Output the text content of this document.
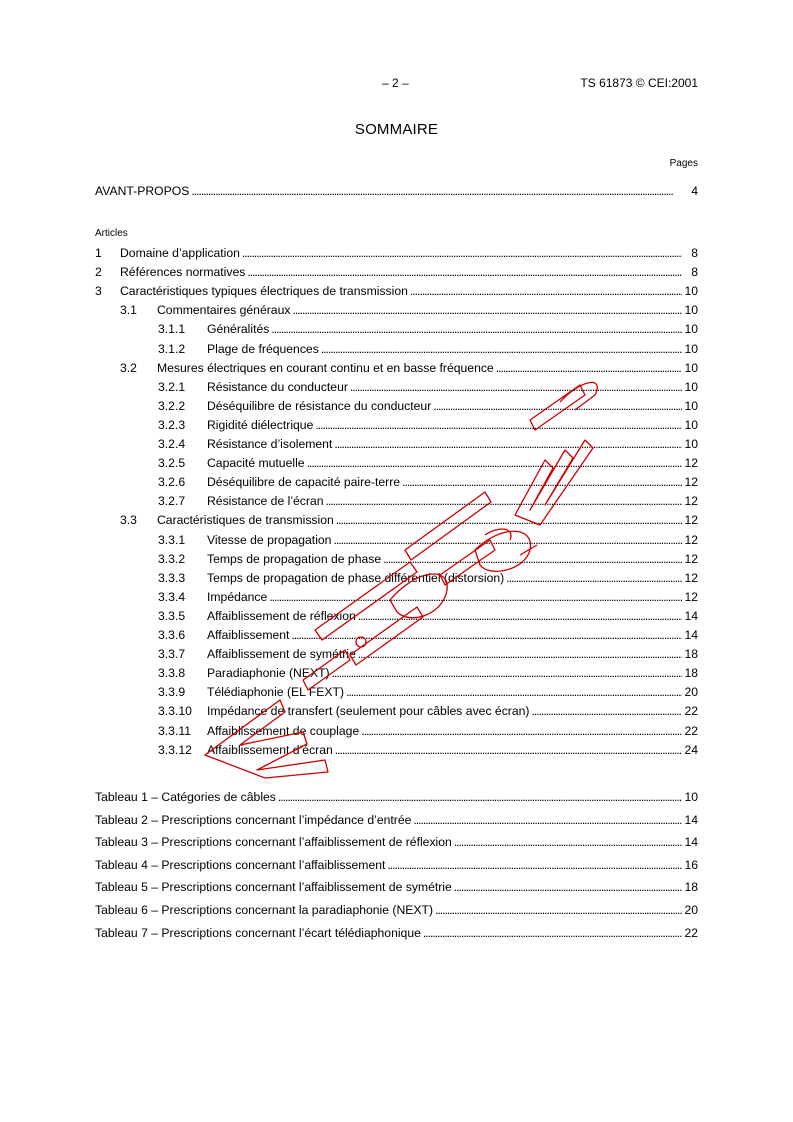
– 2 –	TS 61873 © CEI:2001
SOMMAIRE
Pages
AVANT-PROPOS . . .	4
Articles
1	Domaine d’application . . .	8
2	Références normatives . . .	8
3	Caractéristiques typiques électriques de transmission . . .	10
3.1	Commentaires généraux . . .	10
3.1.1	Généralités . . .	10
3.1.2	Plage de fréquences . . .	10
3.2	Mesures électriques en courant continu et en basse fréquence . . .	10
3.2.1	Résistance du conducteur . . .	10
3.2.2	Déséquilibre de résistance du conducteur . . .	10
3.2.3	Rigidité diélectrique . . .	10
3.2.4	Résistance d’isolement . . .	10
3.2.5	Capacité mutuelle . . .	12
3.2.6	Déséquilibre de capacité paire-terre . . .	12
3.2.7	Résistance de l’écran . . .	12
3.3	Caractéristiques de transmission . . .	12
3.3.1	Vitesse de propagation . . .	12
3.3.2	Temps de propagation de phase . . .	12
3.3.3	Temps de propagation de phase différentiel (distorsion) . . .	12
3.3.4	Impédance . . .	12
3.3.5	Affaiblissement de réflexion . . .	14
3.3.6	Affaiblissement . . .	14
3.3.7	Affaiblissement de symétrie . . .	18
3.3.8	Paradiaphonie (NEXT) . . .	18
3.3.9	Télédiaphonie (EL FEXT) . . .	20
3.3.10	Impédance de transfert (seulement pour câbles avec écran) . . .	22
3.3.11	Affaiblissement de couplage . . .	22
3.3.12	Affaiblissement d’écran . . .	24
Tableau 1 – Catégories de câbles . . .	10
Tableau 2 – Prescriptions concernant l’impédance d’entrée . . .	14
Tableau 3 – Prescriptions concernant l’affaiblissement de réflexion . . .	14
Tableau 4 – Prescriptions concernant l’affaiblissement . . .	16
Tableau 5 – Prescriptions concernant l’affaiblissement de symétrie . . .	18
Tableau 6 – Prescriptions concernant la paradiaphonie (NEXT) . . .	20
Tableau 7 – Prescriptions concernant l’écart télédiaphonique . . .	22
